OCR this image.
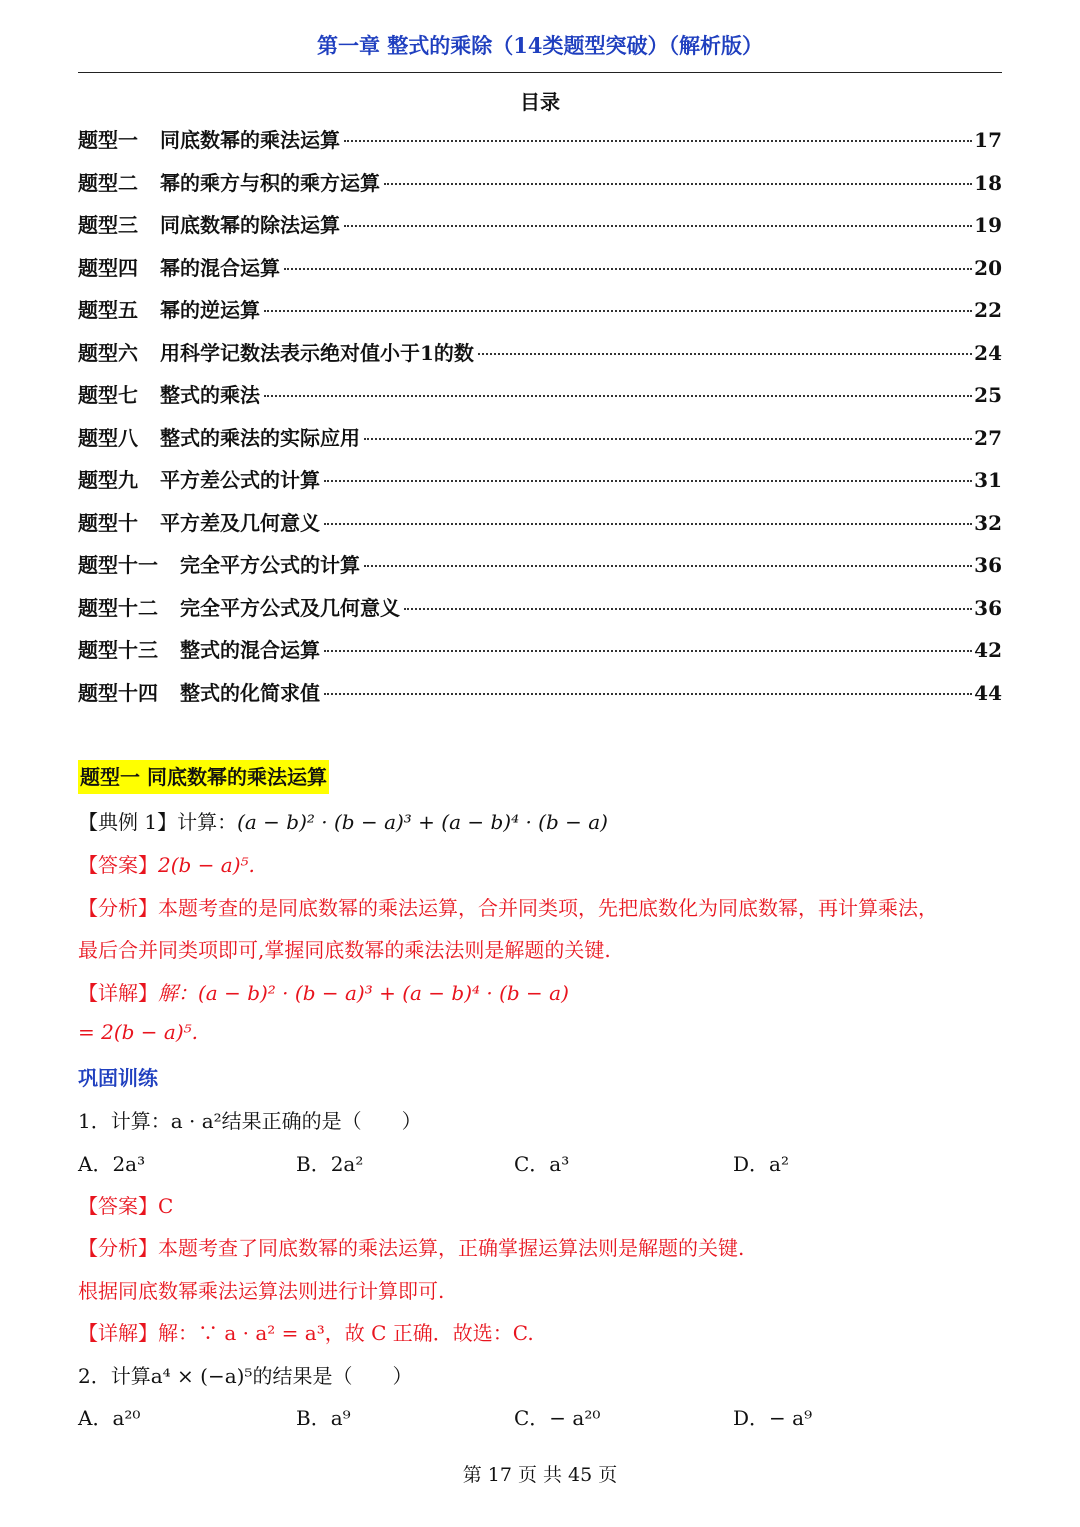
第一章 整式的乘除（14类题型突破）（解析版）
目录
题型一 同底数幂的乘法运算	17
题型二 幂的乘方与积的乘方运算	18
题型三 同底数幂的除法运算	19
题型四 幂的混合运算	20
题型五 幂的逆运算	22
题型六 用科学记数法表示绝对值小于1的数	24
题型七 整式的乘法	25
题型八 整式的乘法的实际应用	27
题型九 平方差公式的计算	31
题型十 平方差及几何意义	32
题型十一 完全平方公式的计算	36
题型十二 完全平方公式及几何意义	36
题型十三 整式的混合运算	42
题型十四 整式的化简求值	44
题型一 同底数幂的乘法运算
【典例 1】计算：(a − b)² · (b − a)³ + (a − b)⁴ · (b − a)
【答案】2(b − a)⁵.
【分析】本题考查的是同底数幂的乘法运算，合并同类项，先把底数化为同底数幂，再计算乘法，
最后合并同类项即可,掌握同底数幂的乘法法则是解题的关键.
【详解】解：(a − b)² · (b − a)³ + (a − b)⁴ · (b − a)
= 2(b − a)⁵.
巩固训练
1．计算：a · a²结果正确的是（　　）
A．2a³	B．2a²	C．a³	D．a²
【答案】C
【分析】本题考查了同底数幂的乘法运算，正确掌握运算法则是解题的关键.
根据同底数幂乘法运算法则进行计算即可.
【详解】解：∵ a · a² = a³，故 C 正确．故选：C.
2．计算a⁴ × (−a)⁵的结果是（　　）
A．a²⁰	B．a⁹	C．− a²⁰	D．− a⁹
第 17 页 共 45 页
